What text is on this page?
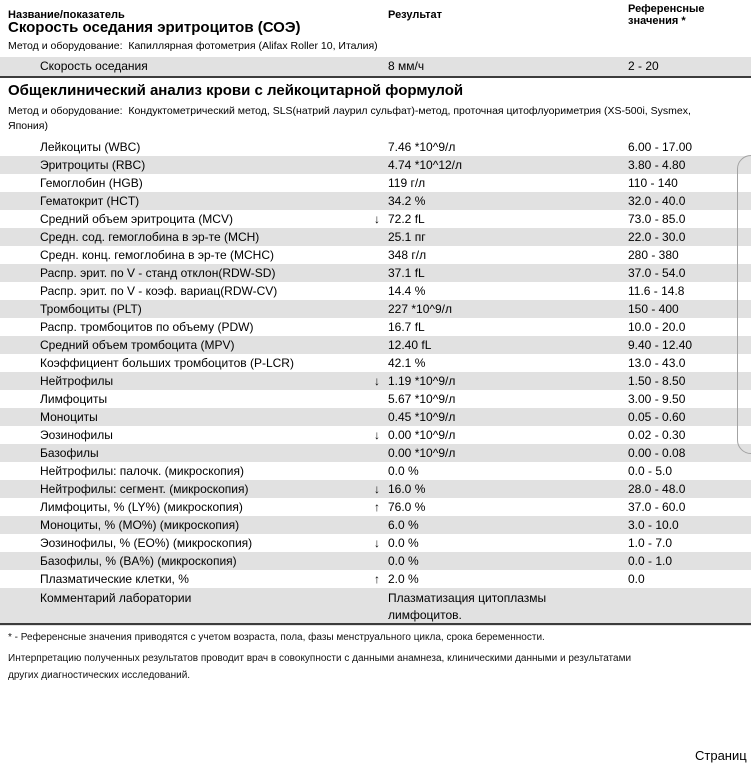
Название/показатель	Результат	Референсные значения *
Скорость оседания эритроцитов (СОЭ)
Метод и оборудование:  Капиллярная фотометрия (Alifax Roller 10, Италия)
Скорость оседания	8 мм/ч	2 - 20
Общеклинический анализ крови с лейкоцитарной формулой
Метод и оборудование:  Кондуктометрический метод, SLS(натрий лаурил сульфат)-метод, проточная цитофлуориметрия (XS-500i, Sysmex, Япония)
Лейкоциты (WBC)	7.46 *10^9/л	6.00 - 17.00
Эритроциты (RBC)	4.74 *10^12/л	3.80 - 4.80
Гемоглобин (HGB)	119 г/л	110 - 140
Гематокрит (HCT)	34.2 %	32.0 - 40.0
Средний объем эритроцита (MCV)	↓ 72.2 fL	73.0 - 85.0
Средн. сод. гемоглобина в эр-те (MCH)	25.1 пг	22.0 - 30.0
Средн. конц. гемоглобина в эр-те (MCHC)	348 г/л	280 - 380
Распр. эрит. по V - станд отклон(RDW-SD)	37.1 fL	37.0 - 54.0
Распр. эрит. по V - коэф. вариац(RDW-CV)	14.4 %	11.6 - 14.8
Тромбоциты (PLT)	227 *10^9/л	150 - 400
Распр. тромбоцитов по объему (PDW)	16.7 fL	10.0 - 20.0
Средний объем тромбоцита (MPV)	12.40 fL	9.40 - 12.40
Коэффициент больших тромбоцитов (P-LCR)	42.1 %	13.0 - 43.0
Нейтрофилы	↓ 1.19 *10^9/л	1.50 - 8.50
Лимфоциты	5.67 *10^9/л	3.00 - 9.50
Моноциты	0.45 *10^9/л	0.05 - 0.60
Эозинофилы	↓ 0.00 *10^9/л	0.02 - 0.30
Базофилы	0.00 *10^9/л	0.00 - 0.08
Нейтрофилы: палочк. (микроскопия)	0.0 %	0.0 - 5.0
Нейтрофилы: сегмент. (микроскопия)	↓ 16.0 %	28.0 - 48.0
Лимфоциты, % (LY%) (микроскопия)	↑ 76.0 %	37.0 - 60.0
Моноциты, % (MO%) (микроскопия)	6.0 %	3.0 - 10.0
Эозинофилы, % (EO%) (микроскопия)	↓ 0.0 %	1.0 - 7.0
Базофилы, % (BA%) (микроскопия)	0.0 %	0.0 - 1.0
Плазматические клетки, %	↑ 2.0 %	0.0
Комментарий лаборатории	Плазматизация цитоплазмы лимфоцитов.
* - Референсные значения приводятся с учетом возраста, пола, фазы менструального цикла, срока беременности.
Интерпретацию полученных результатов проводит врач в совокупности с данными анамнеза, клиническими данными и результатами других диагностических исследований.
Страниц
